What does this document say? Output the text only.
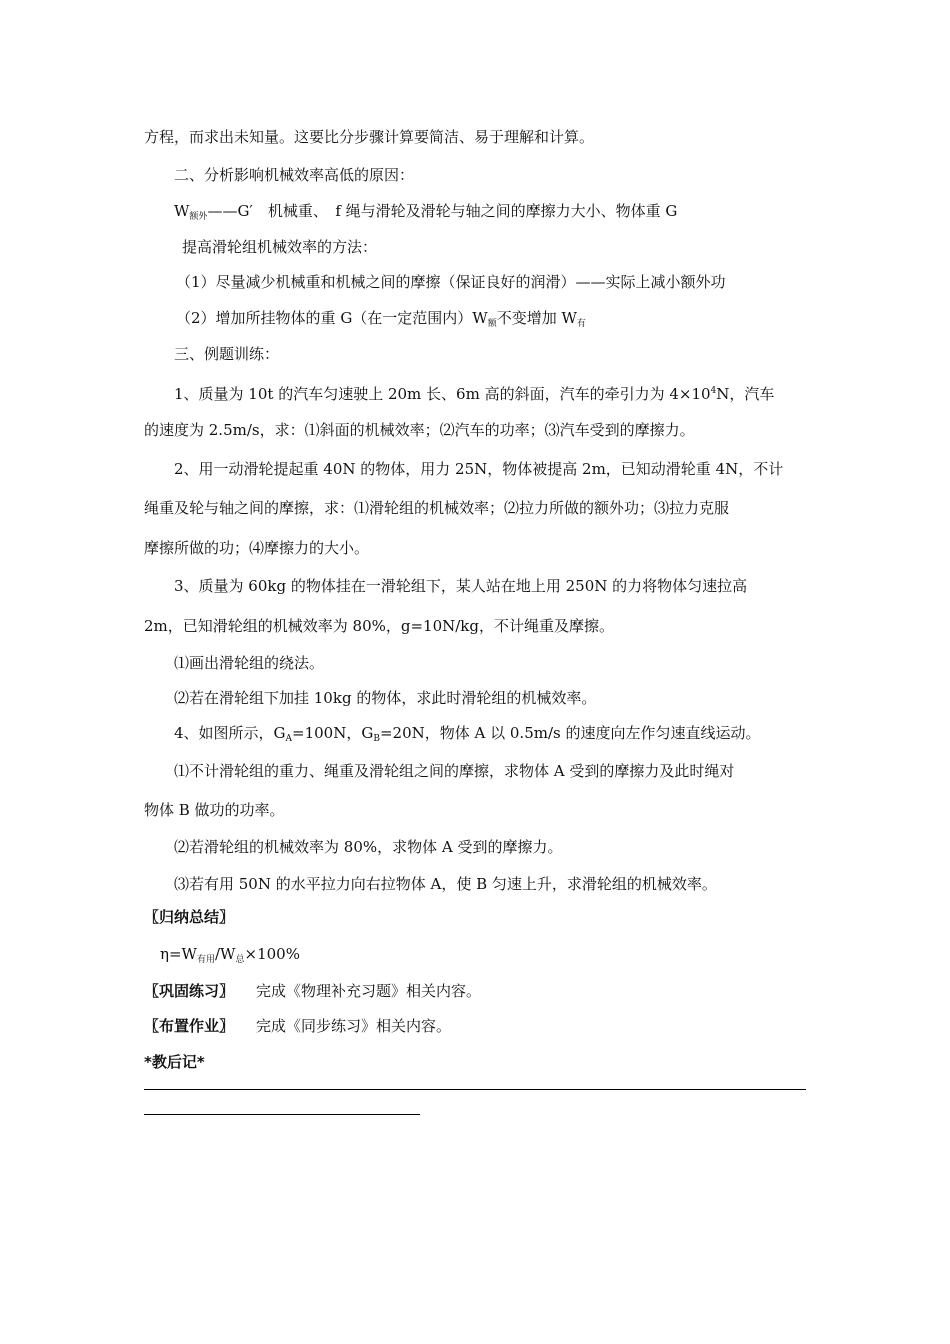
方程，而求出未知量。这要比分步骤计算要简洁、易于理解和计算。
二、分析影响机械效率高低的原因：
$W_{额外}——G'$　机械重、　f 绳与滑轮及滑轮与轴之间的摩擦力大小、物体重 G
提高滑轮组机械效率的方法：
（1）尽量减少机械重和机械之间的摩擦（保证良好的润滑）——实际上减小额外功
（2）增加所挂物体的重 G（在一定范围内）$W_额$不变增加 $W_有$
三、例题训练：
1、质量为 10t 的汽车匀速驶上 20m 长、6m 高的斜面，汽车的牵引力为 $4\times 10^4N$，汽车
的速度为 2.5m/s，求：⑴斜面的机械效率；⑵汽车的功率；⑶汽车受到的摩擦力。
2、用一动滑轮提起重 40N 的物体，用力 25N，物体被提高 2m，已知动滑轮重 4N，不计
绳重及轮与轴之间的摩擦，求：⑴滑轮组的机械效率；⑵拉力所做的额外功；⑶拉力克服
摩擦所做的功；⑷摩擦力的大小。
3、质量为 60kg 的物体挂在一滑轮组下，某人站在地上用 250N 的力将物体匀速拉高
2m，已知滑轮组的机械效率为 80%，g=10N/kg，不计绳重及摩擦。
⑴画出滑轮组的绕法。
⑵若在滑轮组下加挂 10kg 的物体，求此时滑轮组的机械效率。
4、如图所示，$G_A=100N$，$G_B=20N$，物体 A 以 0.5m/s 的速度向左作匀速直线运动。
⑴不计滑轮组的重力、绳重及滑轮组之间的摩擦，求物体 A 受到的摩擦力及此时绳对
物体 B 做功的功率。
⑵若滑轮组的机械效率为 80%，求物体 A 受到的摩擦力。
⑶若有用 50N 的水平拉力向右拉物体 A，使 B 匀速上升，求滑轮组的机械效率。
〖归纳总结〗
$\eta=W_{有用}/W_总\times 100\%$
〖巩固练习〗 完成《物理补充习题》相关内容。
〖布置作业〗 完成《同步练习》相关内容。
*教后记*
